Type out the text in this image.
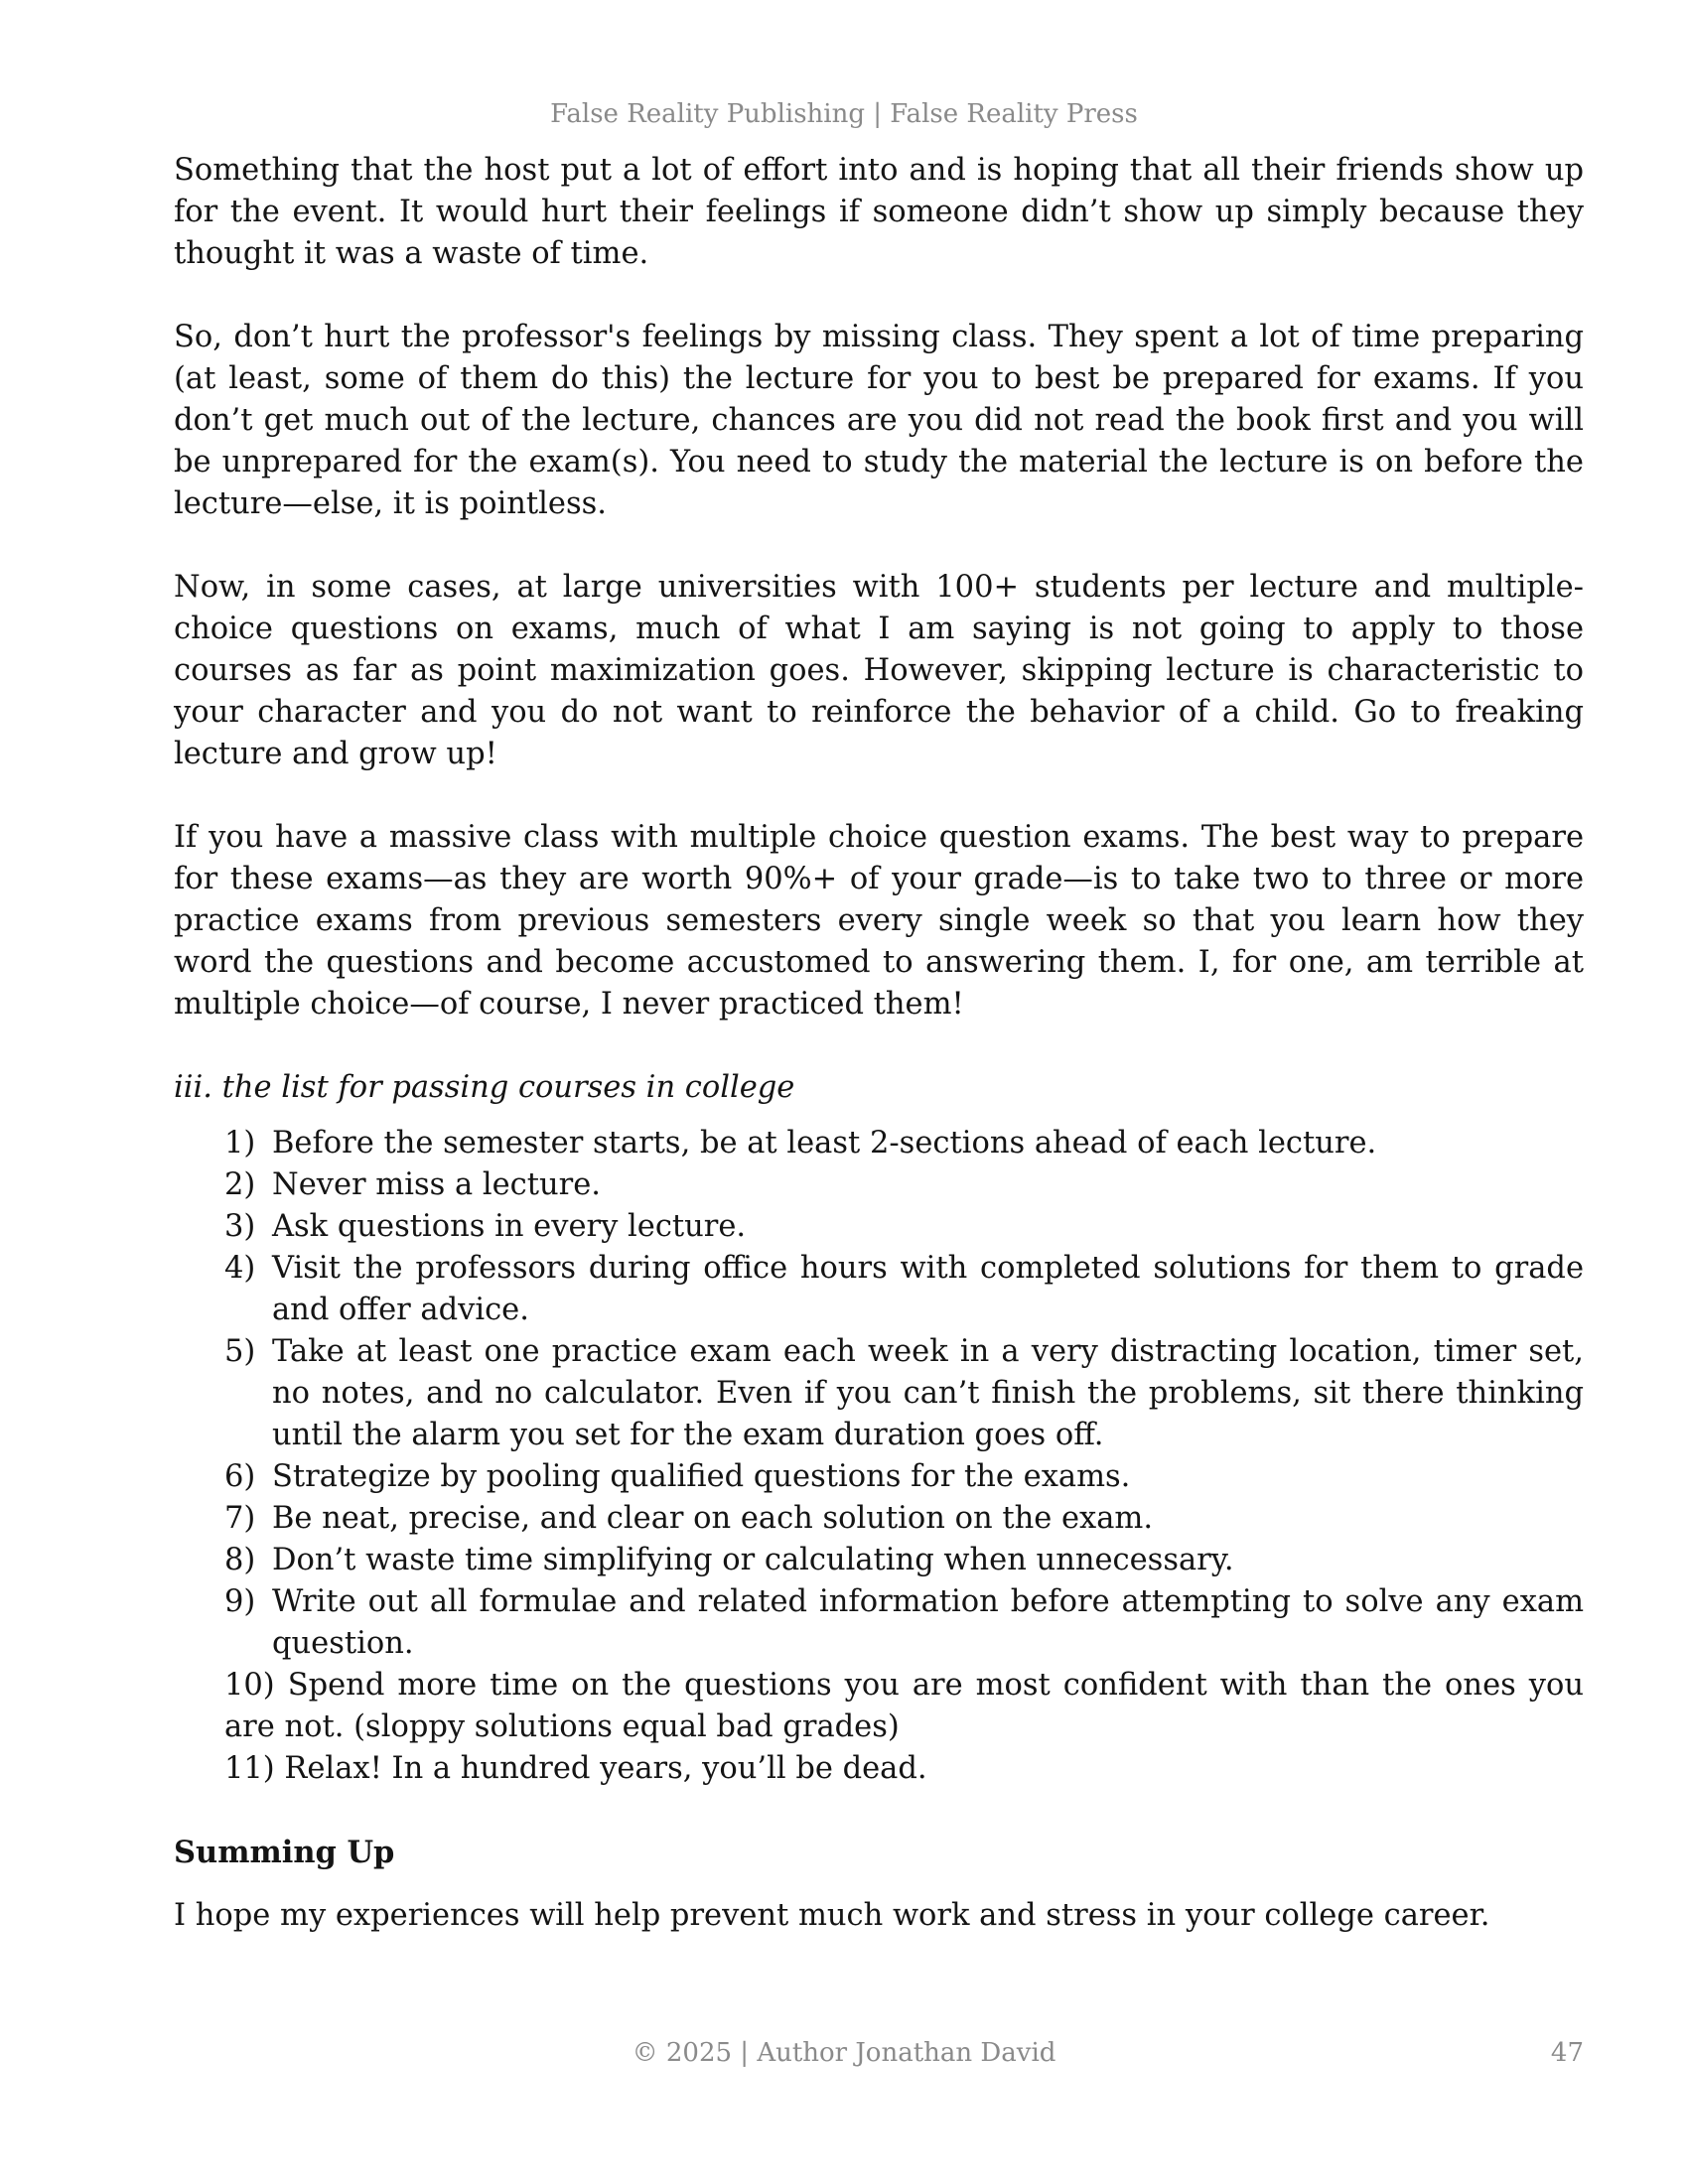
False Reality Publishing | False Reality Press

Something that the host put a lot of effort into and is hoping that all their friends show up for the event. It would hurt their feelings if someone didn’t show up simply because they thought it was a waste of time.

So, don’t hurt the professor's feelings by missing class. They spent a lot of time preparing (at least, some of them do this) the lecture for you to best be prepared for exams. If you don’t get much out of the lecture, chances are you did not read the book first and you will be unprepared for the exam(s). You need to study the material the lecture is on before the lecture—else, it is pointless.

Now, in some cases, at large universities with 100+ students per lecture and multiple-choice questions on exams, much of what I am saying is not going to apply to those courses as far as point maximization goes. However, skipping lecture is characteristic to your character and you do not want to reinforce the behavior of a child. Go to freaking lecture and grow up!

If you have a massive class with multiple choice question exams. The best way to prepare for these exams—as they are worth 90%+ of your grade—is to take two to three or more practice exams from previous semesters every single week so that you learn how they word the questions and become accustomed to answering them. I, for one, am terrible at multiple choice—of course, I never practiced them!

iii. the list for passing courses in college
1) Before the semester starts, be at least 2-sections ahead of each lecture.
2) Never miss a lecture.
3) Ask questions in every lecture.
4) Visit the professors during office hours with completed solutions for them to grade and offer advice.
5) Take at least one practice exam each week in a very distracting location, timer set, no notes, and no calculator. Even if you can’t finish the problems, sit there thinking until the alarm you set for the exam duration goes off.
6) Strategize by pooling qualified questions for the exams.
7) Be neat, precise, and clear on each solution on the exam.
8) Don’t waste time simplifying or calculating when unnecessary.
9) Write out all formulae and related information before attempting to solve any exam question.
10) Spend more time on the questions you are most confident with than the ones you are not. (sloppy solutions equal bad grades)
11) Relax! In a hundred years, you’ll be dead.
Summing Up

I hope my experiences will help prevent much work and stress in your college career.

© 2025 | Author Jonathan David	47
